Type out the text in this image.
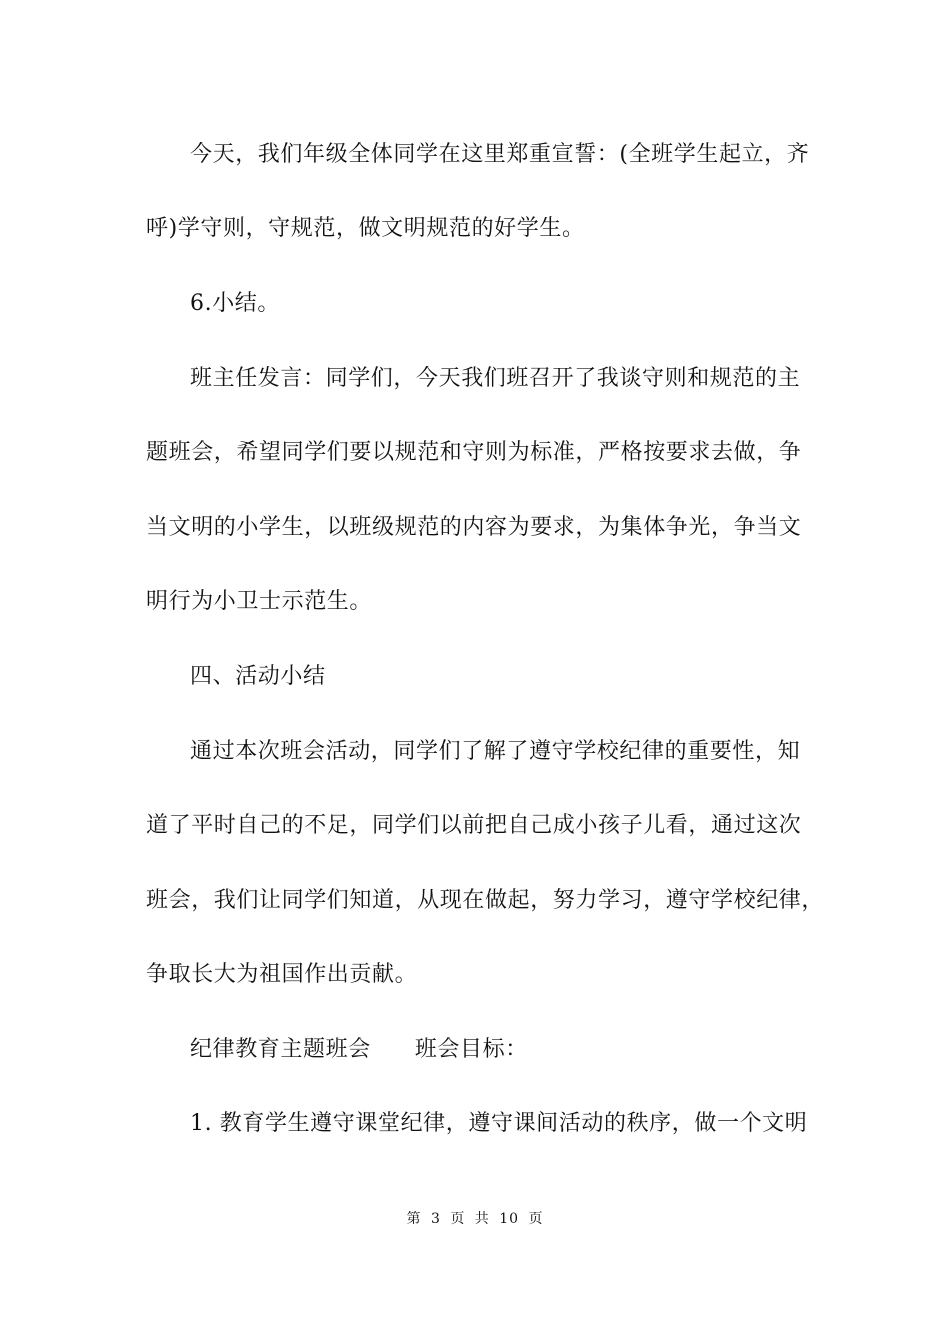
今天，我们年级全体同学在这里郑重宣誓：(全班学生起立，齐
呼)学守则，守规范，做文明规范的好学生。
6.小结。
班主任发言：同学们，今天我们班召开了我谈守则和规范的主
题班会，希望同学们要以规范和守则为标准，严格按要求去做，争
当文明的小学生，以班级规范的内容为要求，为集体争光，争当文
明行为小卫士示范生。
四、活动小结
通过本次班会活动，同学们了解了遵守学校纪律的重要性，知
道了平时自己的不足，同学们以前把自己成小孩子儿看，通过这次
班会，我们让同学们知道，从现在做起，努力学习，遵守学校纪律，
争取长大为祖国作出贡献。
纪律教育主题班会 班会目标：
1. 教育学生遵守课堂纪律，遵守课间活动的秩序，做一个文明
第 3 页 共 10 页
